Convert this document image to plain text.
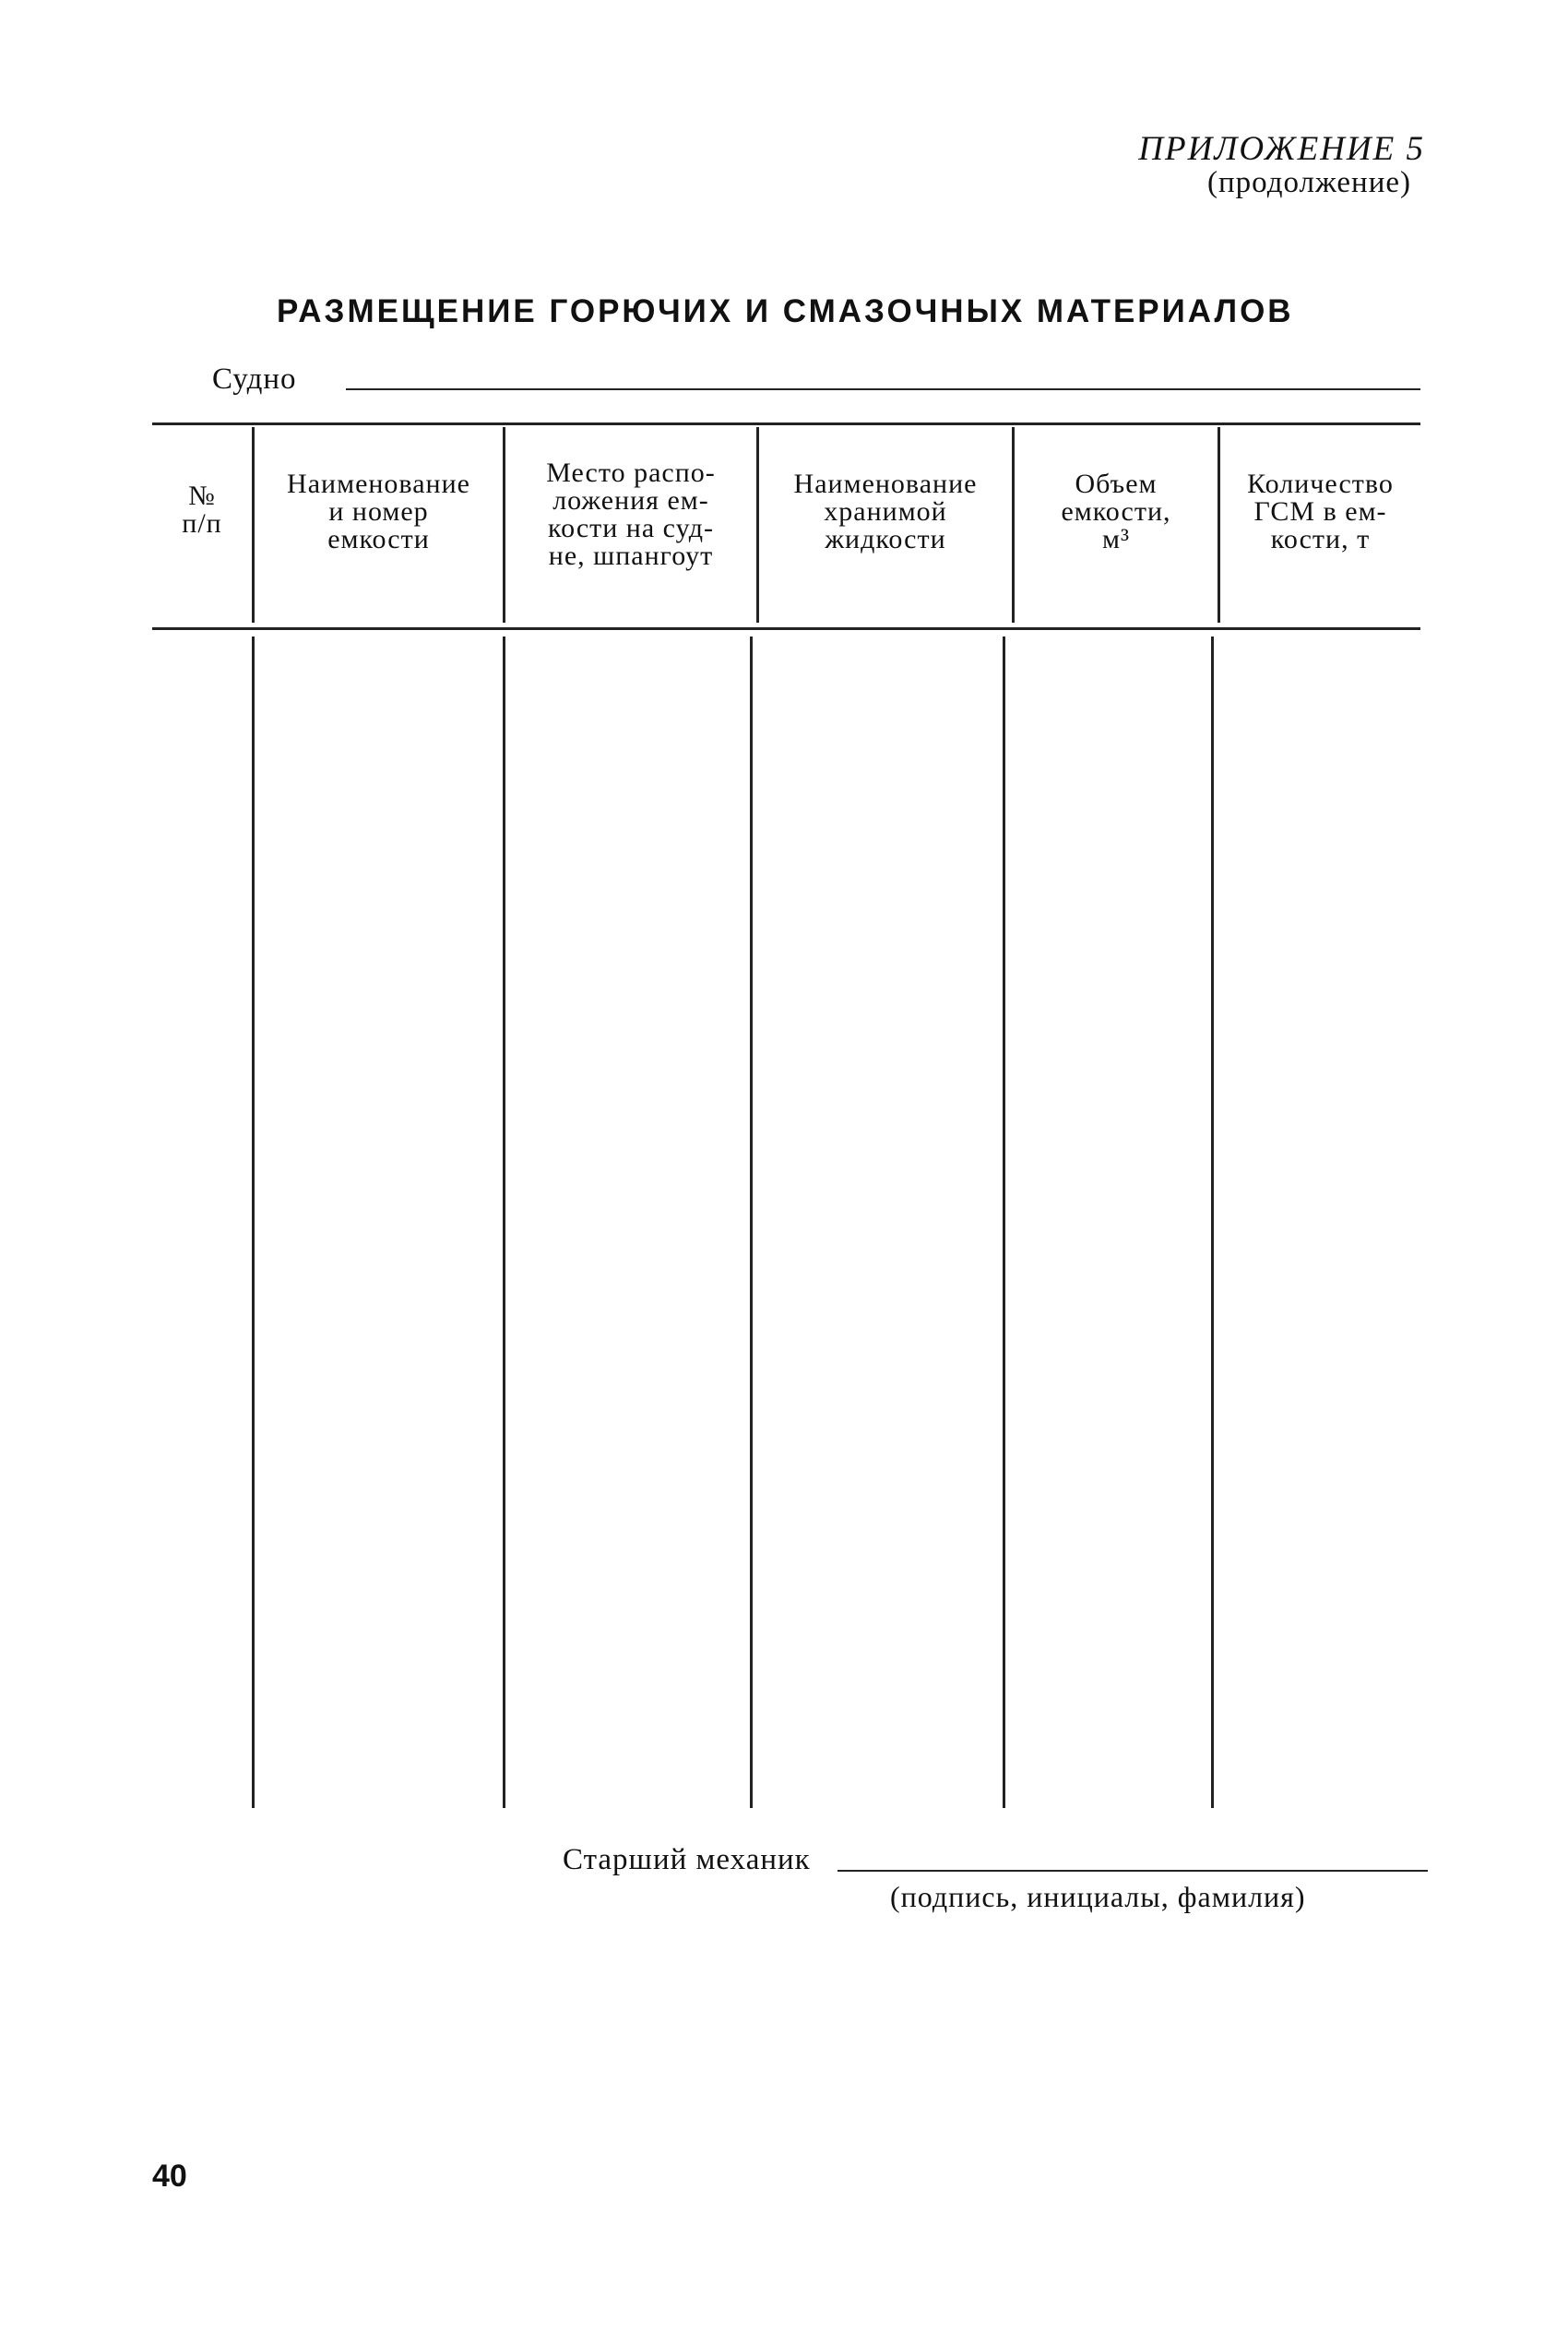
ПРИЛОЖЕНИЕ 5
(продолжение)
РАЗМЕЩЕНИЕ ГОРЮЧИХ И СМАЗОЧНЫХ МАТЕРИАЛОВ
Судно
№
п/п
Наименование
и номер
емкости
Место распо-
ложения ем-
кости на суд-
не, шпангоут
Наименование
хранимой
жидкости
Объем
емкости,
м³
Количество
ГСМ в ем-
кости, т
Старший механик
(подпись, инициалы, фамилия)
40
